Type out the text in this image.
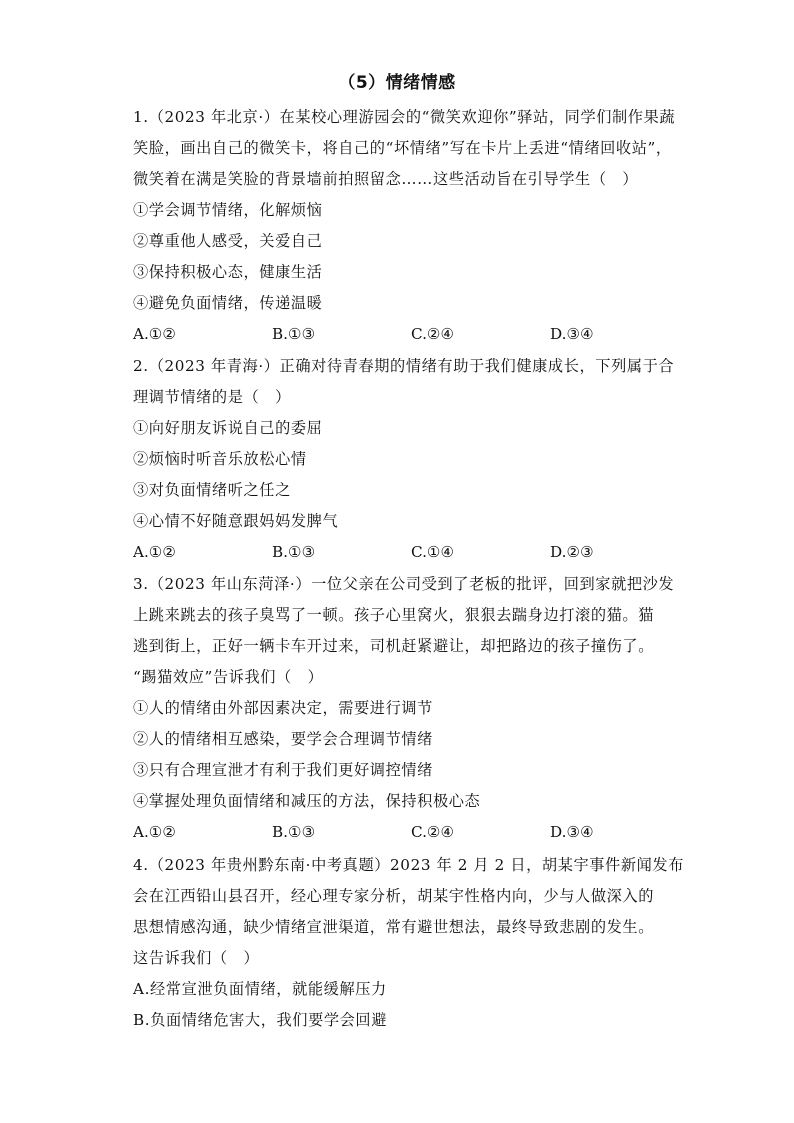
（5）情绪情感
1.（2023 年北京·）在某校心理游园会的“微笑欢迎你”驿站，同学们制作果蔬
笑脸，画出自己的微笑卡，将自己的“坏情绪”写在卡片上丢进“情绪回收站”，
微笑着在满是笑脸的背景墙前拍照留念……这些活动旨在引导学生（　）
①学会调节情绪，化解烦恼
②尊重他人感受，关爱自己
③保持积极心态，健康生活
④避免负面情绪，传递温暖
A.①②	B.①③	C.②④	D.③④
2.（2023 年青海·）正确对待青春期的情绪有助于我们健康成长，下列属于合
理调节情绪的是（　）
①向好朋友诉说自己的委屈
②烦恼时听音乐放松心情
③对负面情绪听之任之
④心情不好随意跟妈妈发脾气
A.①②	B.①③	C.①④	D.②③
3.（2023 年山东菏泽·）一位父亲在公司受到了老板的批评，回到家就把沙发
上跳来跳去的孩子臭骂了一顿。孩子心里窝火，狠狠去踹身边打滚的猫。猫
逃到街上，正好一辆卡车开过来，司机赶紧避让，却把路边的孩子撞伤了。
“踢猫效应”告诉我们（　）
①人的情绪由外部因素决定，需要进行调节
②人的情绪相互感染，要学会合理调节情绪
③只有合理宣泄才有利于我们更好调控情绪
④掌握处理负面情绪和减压的方法，保持积极心态
A.①②	B.①③	C.②④	D.③④
4.（2023 年贵州黔东南·中考真题）2023 年 2 月 2 日，胡某宇事件新闻发布
会在江西铅山县召开，经心理专家分析，胡某宇性格内向，少与人做深入的
思想情感沟通，缺少情绪宣泄渠道，常有避世想法，最终导致悲剧的发生。
这告诉我们（　）
A.经常宣泄负面情绪，就能缓解压力
B.负面情绪危害大，我们要学会回避
